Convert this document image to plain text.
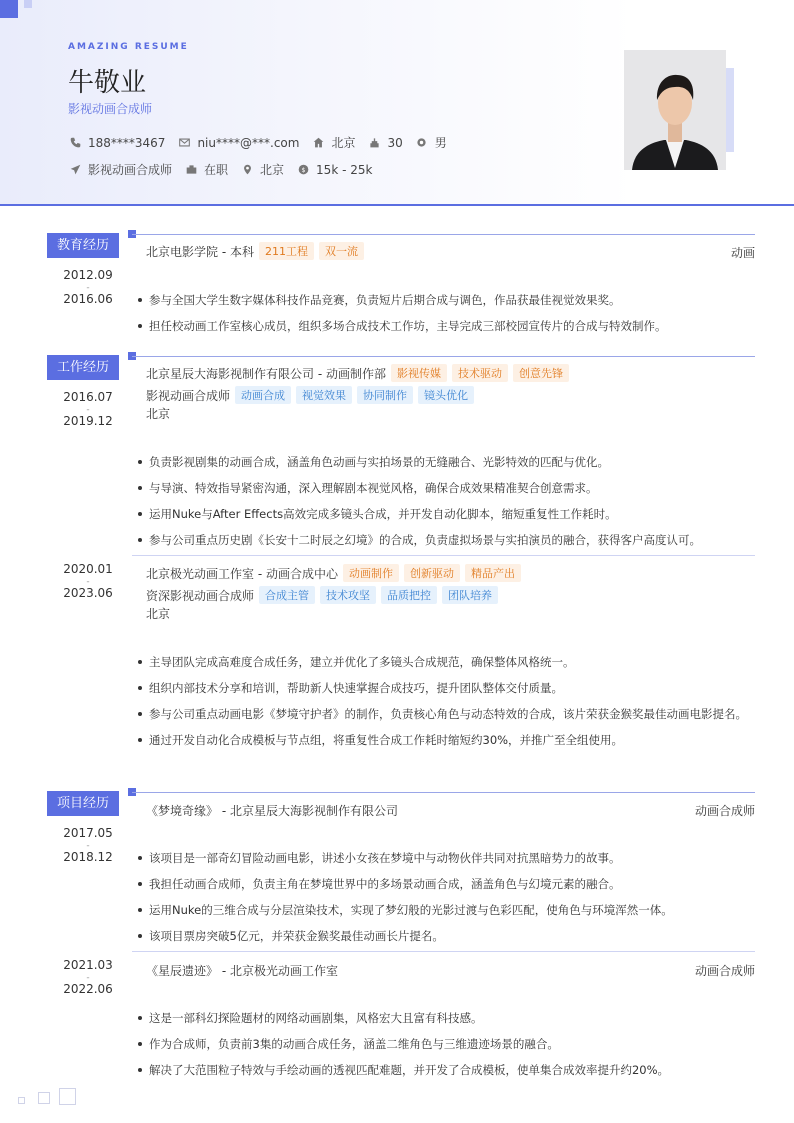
AMAZING RESUME
牛敬业
影视动画合成师
188****3467	niu****@***.com	北京	30	男
影视动画合成师	在职	北京 $ 15k - 25k
教育经历
2012.09
-
2016.06
北京电影学院 - 本科	211工程	双一流	动画
参与全国大学生数字媒体科技作品竞赛，负责短片后期合成与调色，作品获最佳视觉效果奖。
担任校动画工作室核心成员，组织多场合成技术工作坊，主导完成三部校园宣传片的合成与特效制作。
工作经历
2016.07
-
2019.12
北京星辰大海影视制作有限公司 - 动画制作部	影视传媒	技术驱动	创意先锋
影视动画合成师	动画合成	视觉效果	协同制作	镜头优化
北京
负责影视剧集的动画合成，涵盖角色动画与实拍场景的无缝融合、光影特效的匹配与优化。
与导演、特效指导紧密沟通，深入理解剧本视觉风格，确保合成效果精准契合创意需求。
运用Nuke与After Effects高效完成多镜头合成，并开发自动化脚本，缩短重复性工作耗时。
参与公司重点历史剧《长安十二时辰之幻境》的合成，负责虚拟场景与实拍演员的融合，获得客户高度认可。
2020.01
-
2023.06
北京极光动画工作室 - 动画合成中心	动画制作	创新驱动	精品产出
资深影视动画合成师	合成主管	技术攻坚	品质把控	团队培养
北京
主导团队完成高难度合成任务，建立并优化了多镜头合成规范，确保整体风格统一。
组织内部技术分享和培训，帮助新人快速掌握合成技巧，提升团队整体交付质量。
参与公司重点动画电影《梦境守护者》的制作，负责核心角色与动态特效的合成，该片荣获金猴奖最佳动画电影提名。
通过开发自动化合成模板与节点组，将重复性合成工作耗时缩短约30%，并推广至全组使用。
项目经历
2017.05
-
2018.12
《梦境奇缘》 - 北京星辰大海影视制作有限公司	动画合成师
该项目是一部奇幻冒险动画电影，讲述小女孩在梦境中与动物伙伴共同对抗黑暗势力的故事。
我担任动画合成师，负责主角在梦境世界中的多场景动画合成，涵盖角色与幻境元素的融合。
运用Nuke的三维合成与分层渲染技术，实现了梦幻般的光影过渡与色彩匹配，使角色与环境浑然一体。
该项目票房突破5亿元，并荣获金猴奖最佳动画长片提名。
2021.03
-
2022.06
《星辰遗迹》 - 北京极光动画工作室	动画合成师
这是一部科幻探险题材的网络动画剧集，风格宏大且富有科技感。
作为合成师，负责前3集的动画合成任务，涵盖二维角色与三维遗迹场景的融合。
解决了大范围粒子特效与手绘动画的透视匹配难题，并开发了合成模板，使单集合成效率提升约20%。
